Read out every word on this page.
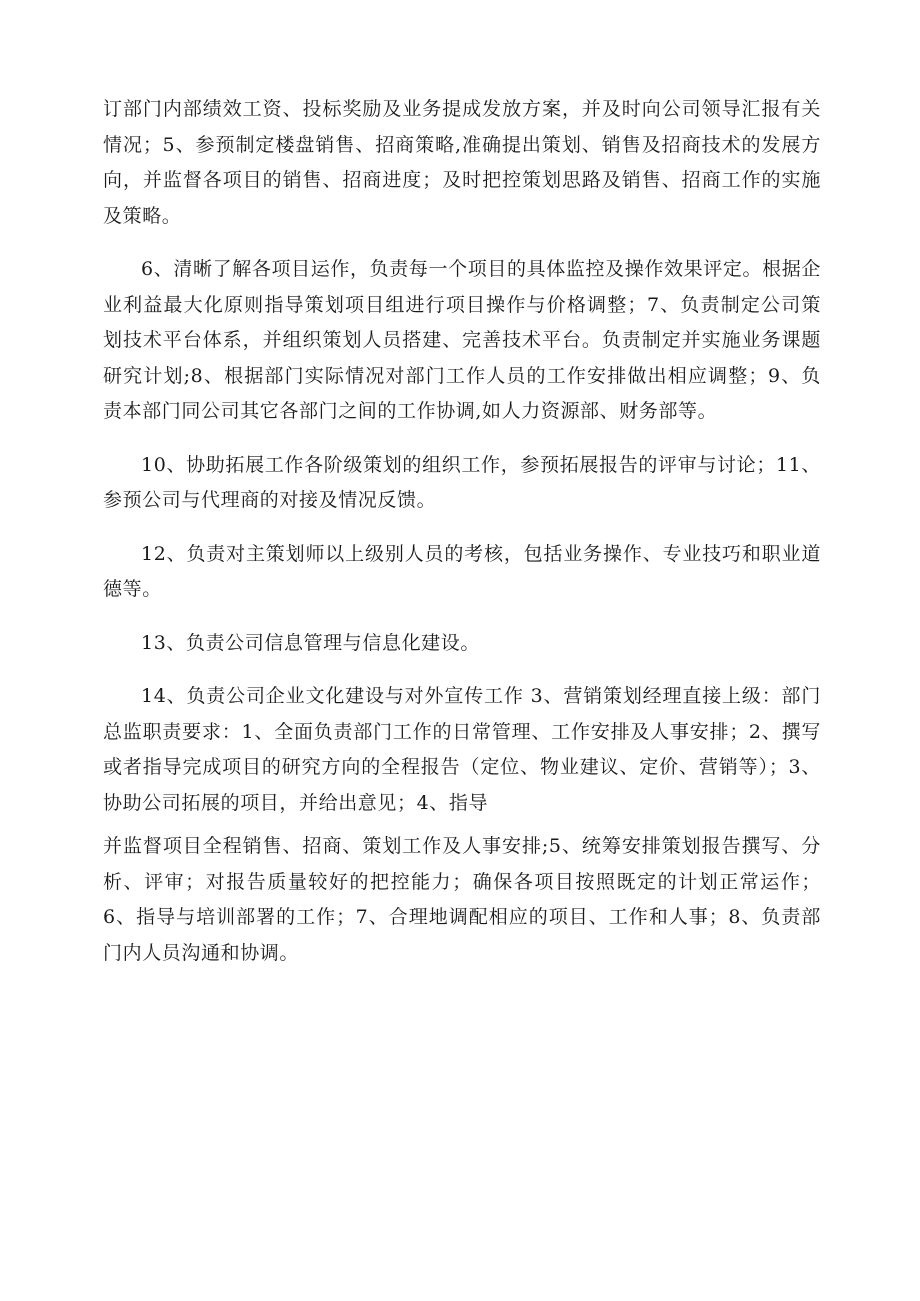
订部门内部绩效工资、投标奖励及业务提成发放方案，并及时向公司领导汇报有关情况；5、参预制定楼盘销售、招商策略,准确提出策划、销售及招商技术的发展方向，并监督各项目的销售、招商进度；及时把控策划思路及销售、招商工作的实施及策略。

6、清晰了解各项目运作，负责每一个项目的具体监控及操作效果评定。根据企业利益最大化原则指导策划项目组进行项目操作与价格调整；7、负责制定公司策划技术平台体系，并组织策划人员搭建、完善技术平台。负责制定并实施业务课题研究计划;8、根据部门实际情况对部门工作人员的工作安排做出相应调整；9、负责本部门同公司其它各部门之间的工作协调,如人力资源部、财务部等。

10、协助拓展工作各阶级策划的组织工作，参预拓展报告的评审与讨论；11、参预公司与代理商的对接及情况反馈。

12、负责对主策划师以上级别人员的考核，包括业务操作、专业技巧和职业道德等。

13、负责公司信息管理与信息化建设。

14、负责公司企业文化建设与对外宣传工作 3、营销策划经理直接上级：部门总监职责要求：1、全面负责部门工作的日常管理、工作安排及人事安排；2、撰写或者指导完成项目的研究方向的全程报告（定位、物业建议、定价、营销等）；3、协助公司拓展的项目，并给出意见；4、指导

并监督项目全程销售、招商、策划工作及人事安排;5、统筹安排策划报告撰写、分析、评审；对报告质量较好的把控能力；确保各项目按照既定的计划正常运作；6、指导与培训部署的工作；7、合理地调配相应的项目、工作和人事；8、负责部门内人员沟通和协调。
